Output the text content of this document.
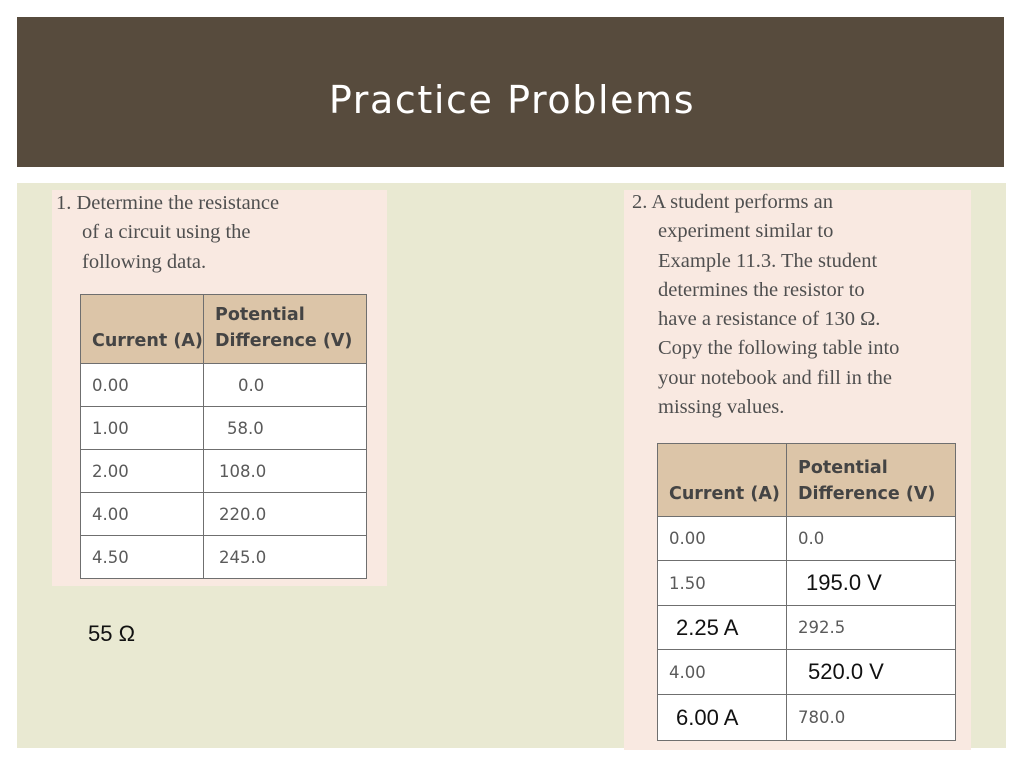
Practice Problems
1. Determine the resistance
of a circuit using the
following data.
Current (A)	Potential
Difference (V)
0.00	0.0
1.00	58.0
2.00	108.0
4.00	220.0
4.50	245.0
55 Ω
2. A student performs an
experiment similar to
Example 11.3. The student
determines the resistor to
have a resistance of 130 Ω.
Copy the following table into
your notebook and fill in the
missing values.
Current (A)	Potential
Difference (V)
0.00	0.0
1.50	195.0 V
2.25 A	292.5
4.00	520.0 V
6.00 A	780.0
